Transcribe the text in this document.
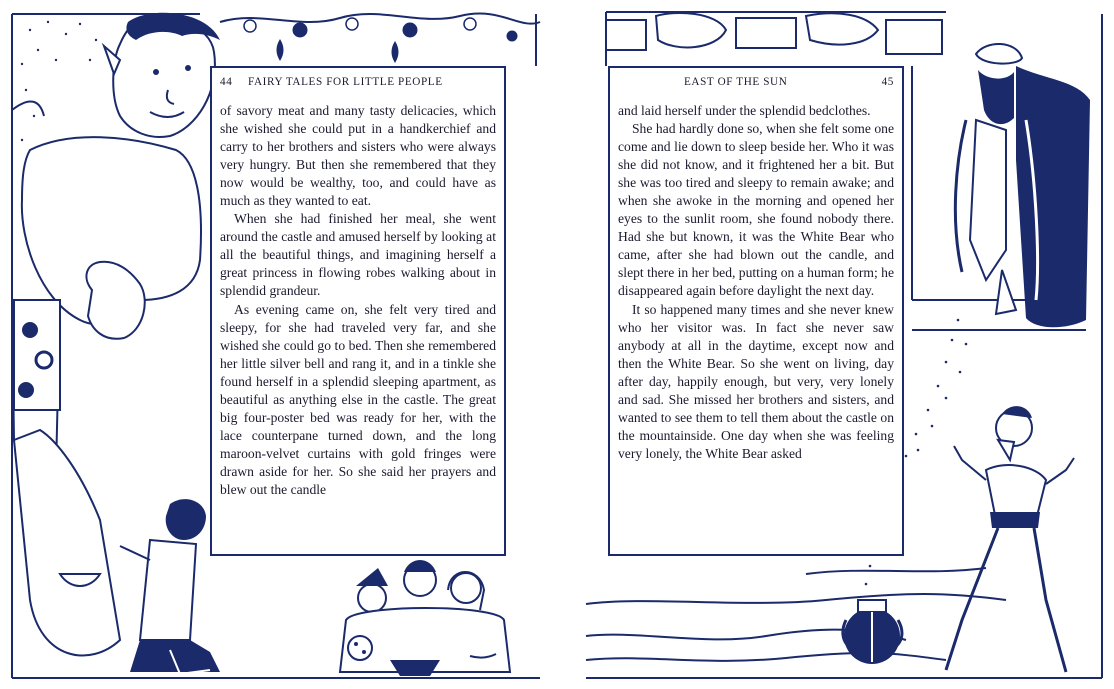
44 FAIRY TALES FOR LITTLE PEOPLE

of savory meat and many tasty delicacies, which she wished she could put in a handkerchief and carry to her brothers and sisters who were always very hungry. But then she remembered that they now would be wealthy, too, and could have as much as they wanted to eat.

When she had finished her meal, she went around the castle and amused herself by looking at all the beautiful things, and imagining herself a great princess in flowing robes walking about in splendid grandeur.

As evening came on, she felt very tired and sleepy, for she had traveled very far, and she wished she could go to bed. Then she remembered her little silver bell and rang it, and in a tinkle she found herself in a splendid sleeping apartment, as beautiful as anything else in the castle. The great big four-poster bed was ready for her, with the lace counterpane turned down, and the long maroon-velvet curtains with gold fringes were drawn aside for her. So she said her prayers and blew out the candle

EAST OF THE SUN	45

and laid herself under the splendid bedclothes.

She had hardly done so, when she felt some one come and lie down to sleep beside her. Who it was she did not know, and it frightened her a bit. But she was too tired and sleepy to remain awake; and when she awoke in the morning and opened her eyes to the sunlit room, she found nobody there. Had she but known, it was the White Bear who came, after she had blown out the candle, and slept there in her bed, putting on a human form; he disappeared again before daylight the next day.

It so happened many times and she never knew who her visitor was. In fact she never saw anybody at all in the daytime, except now and then the White Bear. So she went on living, day after day, happily enough, but very, very lonely and sad. She missed her brothers and sisters, and wanted to see them to tell them about the castle on the mountainside. One day when she was feeling very lonely, the White Bear asked
